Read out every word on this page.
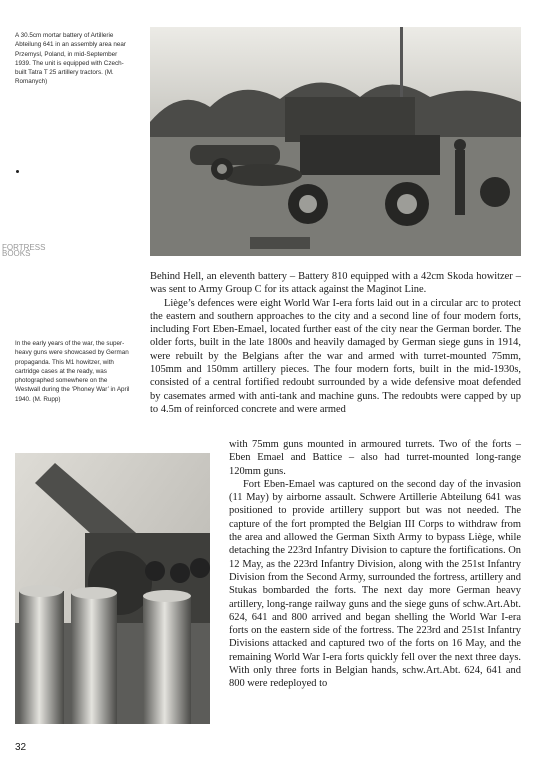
A 30.5cm mortar battery of Artillerie Abteilung 641 in an assembly area near Przemysl, Poland, in mid-September 1939. The unit is equipped with Czech-built Tatra T 25 artillery tractors. (M. Romanych)

Behind Hell, an eleventh battery – Battery 810 equipped with a 42cm Skoda howitzer – was sent to Army Group C for its attack against the Maginot Line.

Liège’s defences were eight World War I-era forts laid out in a circular arc to protect the eastern and southern approaches to the city and a second line of four modern forts, including Fort Eben-Emael, located further east of the city near the German border. The older forts, built in the late 1800s and heavily damaged by German siege guns in 1914, were rebuilt by the Belgians after the war and armed with turret-mounted 75mm, 105mm and 150mm artillery pieces. The four modern forts, built in the mid-1930s, consisted of a central fortified redoubt surrounded by a wide defensive moat defended by casemates armed with anti-tank and machine guns. The redoubts were capped by up to 4.5m of reinforced concrete and were armed

In the early years of the war, the super-heavy guns were showcased by German propaganda. This M1 howitzer, with cartridge cases at the ready, was photographed somewhere on the Westwall during the ‘Phoney War’ in April 1940. (M. Rupp)

with 75mm guns mounted in armoured turrets. Two of the forts – Eben Emael and Battice – also had turret-mounted long-range 120mm guns.

Fort Eben-Emael was captured on the second day of the invasion (11 May) by airborne assault. Schwere Artillerie Abteilung 641 was positioned to provide artillery support but was not needed. The capture of the fort prompted the Belgian III Corps to withdraw from the area and allowed the German Sixth Army to bypass Liège, while detaching the 223rd Infantry Division to capture the fortifications. On 12 May, as the 223rd Infantry Division, along with the 251st Infantry Division from the Second Army, surrounded the fortress, artillery and Stukas bombarded the forts. The next day more German heavy artillery, long-range railway guns and the siege guns of schw.Art.Abt. 624, 641 and 800 arrived and began shelling the World War I-era forts on the eastern side of the fortress. The 223rd and 251st Infantry Divisions attacked and captured two of the forts on 16 May, and the remaining World War I-era forts quickly fell over the next three days. With only three forts in Belgian hands, schw.Art.Abt. 624, 641 and 800 were redeployed to

FORTRESS BOOKS
32
